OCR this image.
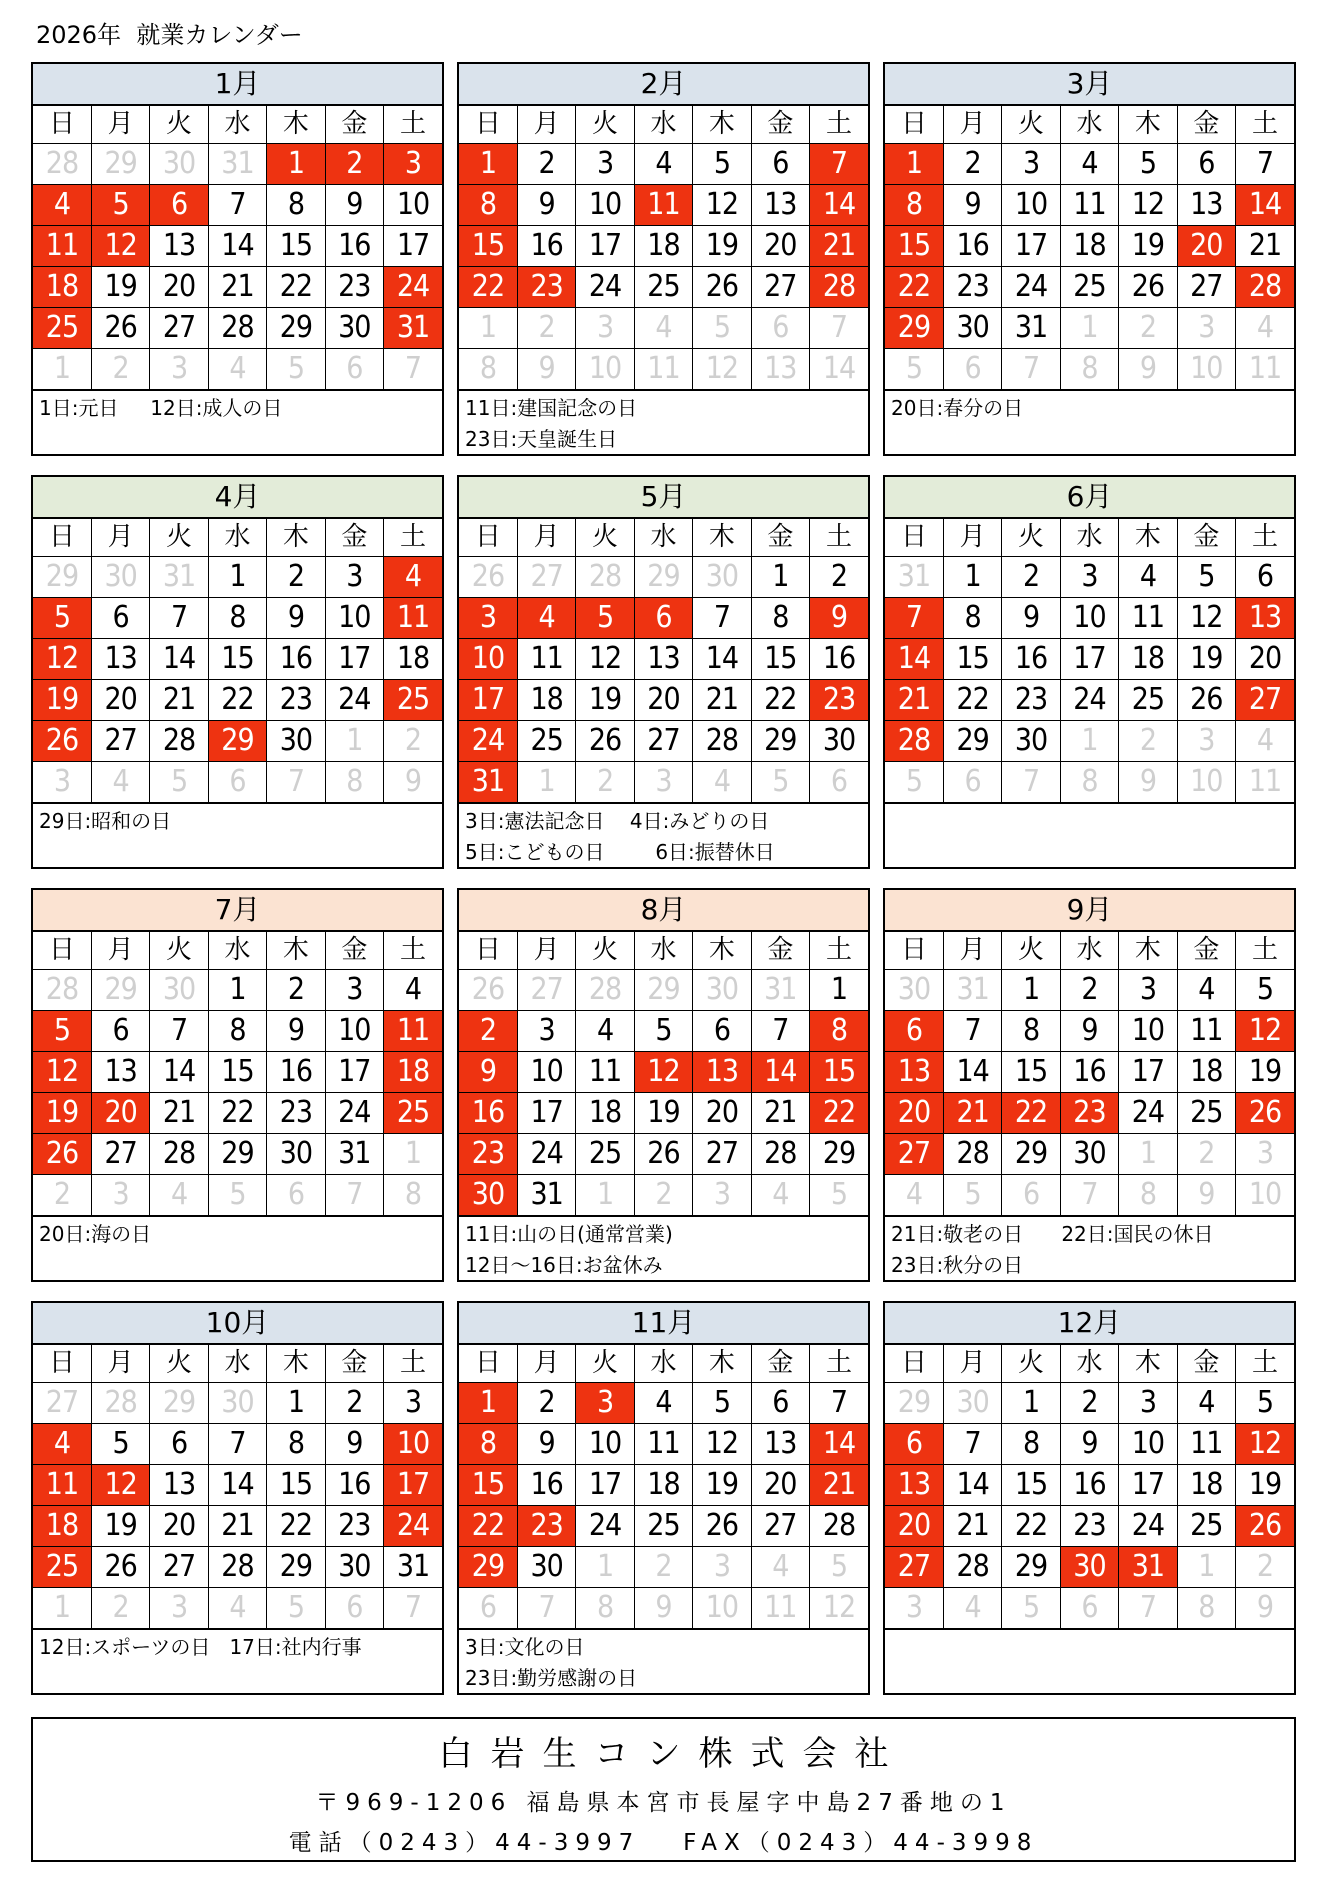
2026年  就業カレンダー
1月
日	月	火	水	木	金	土
28	29	30	31	1	2	3
4	5	6	7	8	9	10
11	12	13	14	15	16	17
18	19	20	21	22	23	24
25	26	27	28	29	30	31
1	2	3	4	5	6	7
1日:元日     12日:成人の日
2月
日	月	火	水	木	金	土
1	2	3	4	5	6	7
8	9	10	11	12	13	14
15	16	17	18	19	20	21
22	23	24	25	26	27	28
1	2	3	4	5	6	7
8	9	10	11	12	13	14
11日:建国記念の日
23日:天皇誕生日
3月
日	月	火	水	木	金	土
1	2	3	4	5	6	7
8	9	10	11	12	13	14
15	16	17	18	19	20	21
22	23	24	25	26	27	28
29	30	31	1	2	3	4
5	6	7	8	9	10	11
20日:春分の日
4月
日	月	火	水	木	金	土
29	30	31	1	2	3	4
5	6	7	8	9	10	11
12	13	14	15	16	17	18
19	20	21	22	23	24	25
26	27	28	29	30	1	2
3	4	5	6	7	8	9
29日:昭和の日
5月
日	月	火	水	木	金	土
26	27	28	29	30	1	2
3	4	5	6	7	8	9
10	11	12	13	14	15	16
17	18	19	20	21	22	23
24	25	26	27	28	29	30
31	1	2	3	4	5	6
3日:憲法記念日    4日:みどりの日
5日:こどもの日        6日:振替休日
6月
日	月	火	水	木	金	土
31	1	2	3	4	5	6
7	8	9	10	11	12	13
14	15	16	17	18	19	20
21	22	23	24	25	26	27
28	29	30	1	2	3	4
5	6	7	8	9	10	11
7月
日	月	火	水	木	金	土
28	29	30	1	2	3	4
5	6	7	8	9	10	11
12	13	14	15	16	17	18
19	20	21	22	23	24	25
26	27	28	29	30	31	1
2	3	4	5	6	7	8
20日:海の日
8月
日	月	火	水	木	金	土
26	27	28	29	30	31	1
2	3	4	5	6	7	8
9	10	11	12	13	14	15
16	17	18	19	20	21	22
23	24	25	26	27	28	29
30	31	1	2	3	4	5
11日:山の日(通常営業)
12日～16日:お盆休み
9月
日	月	火	水	木	金	土
30	31	1	2	3	4	5
6	7	8	9	10	11	12
13	14	15	16	17	18	19
20	21	22	23	24	25	26
27	28	29	30	1	2	3
4	5	6	7	8	9	10
21日:敬老の日      22日:国民の休日
23日:秋分の日
10月
日	月	火	水	木	金	土
27	28	29	30	1	2	3
4	5	6	7	8	9	10
11	12	13	14	15	16	17
18	19	20	21	22	23	24
25	26	27	28	29	30	31
1	2	3	4	5	6	7
12日:スポーツの日   17日:社内行事
11月
日	月	火	水	木	金	土
1	2	3	4	5	6	7
8	9	10	11	12	13	14
15	16	17	18	19	20	21
22	23	24	25	26	27	28
29	30	1	2	3	4	5
6	7	8	9	10	11	12
3日:文化の日
23日:勤労感謝の日
12月
日	月	火	水	木	金	土
29	30	1	2	3	4	5
6	7	8	9	10	11	12
13	14	15	16	17	18	19
20	21	22	23	24	25	26
27	28	29	30	31	1	2
3	4	5	6	7	8	9
白岩生コン株式会社
〒969-1206 福島県本宮市長屋字中島27番地の1
電話（0243）44-3997   FAX（0243）44-3998
